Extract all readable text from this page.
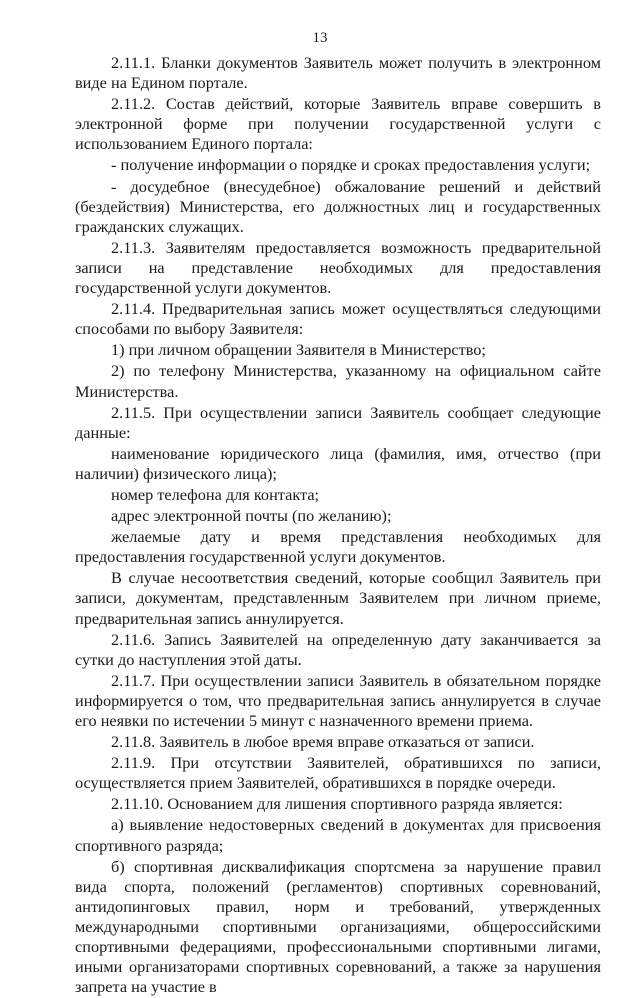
13

2.11.1. Бланки документов Заявитель может получить в электронном виде на Едином портале.

2.11.2. Состав действий, которые Заявитель вправе совершить в электронной форме при получении государственной услуги с использованием Единого портала:

- получение информации о порядке и сроках предоставления услуги;

- досудебное (внесудебное) обжалование решений и действий (бездействия) Министерства, его должностных лиц и государственных гражданских служащих.

2.11.3. Заявителям предоставляется возможность предварительной записи на представление необходимых для предоставления государственной услуги документов.

2.11.4. Предварительная запись может осуществляться следующими способами по выбору Заявителя:

1) при личном обращении Заявителя в Министерство;

2) по телефону Министерства, указанному на официальном сайте Министерства.

2.11.5. При осуществлении записи Заявитель сообщает следующие данные:

наименование юридического лица (фамилия, имя, отчество (при наличии) физического лица);

номер телефона для контакта;

адрес электронной почты (по желанию);

желаемые дату и время представления необходимых для предоставления государственной услуги документов.

В случае несоответствия сведений, которые сообщил Заявитель при записи, документам, представленным Заявителем при личном приеме, предварительная запись аннулируется.

2.11.6. Запись Заявителей на определенную дату заканчивается за сутки до наступления этой даты.

2.11.7. При осуществлении записи Заявитель в обязательном порядке информируется о том, что предварительная запись аннулируется в случае его неявки по истечении 5 минут с назначенного времени приема.

2.11.8. Заявитель в любое время вправе отказаться от записи.

2.11.9. При отсутствии Заявителей, обратившихся по записи, осуществляется прием Заявителей, обратившихся в порядке очереди.

2.11.10. Основанием для лишения спортивного разряда является:

а) выявление недостоверных сведений в документах для присвоения спортивного разряда;

б) спортивная дисквалификация спортсмена за нарушение правил вида спорта, положений (регламентов) спортивных соревнований, антидопинговых правил, норм и требований, утвержденных международными спортивными организациями, общероссийскими спортивными федерациями, профессиональными спортивными лигами, иными организаторами спортивных соревнований, а также за нарушения запрета на участие в
